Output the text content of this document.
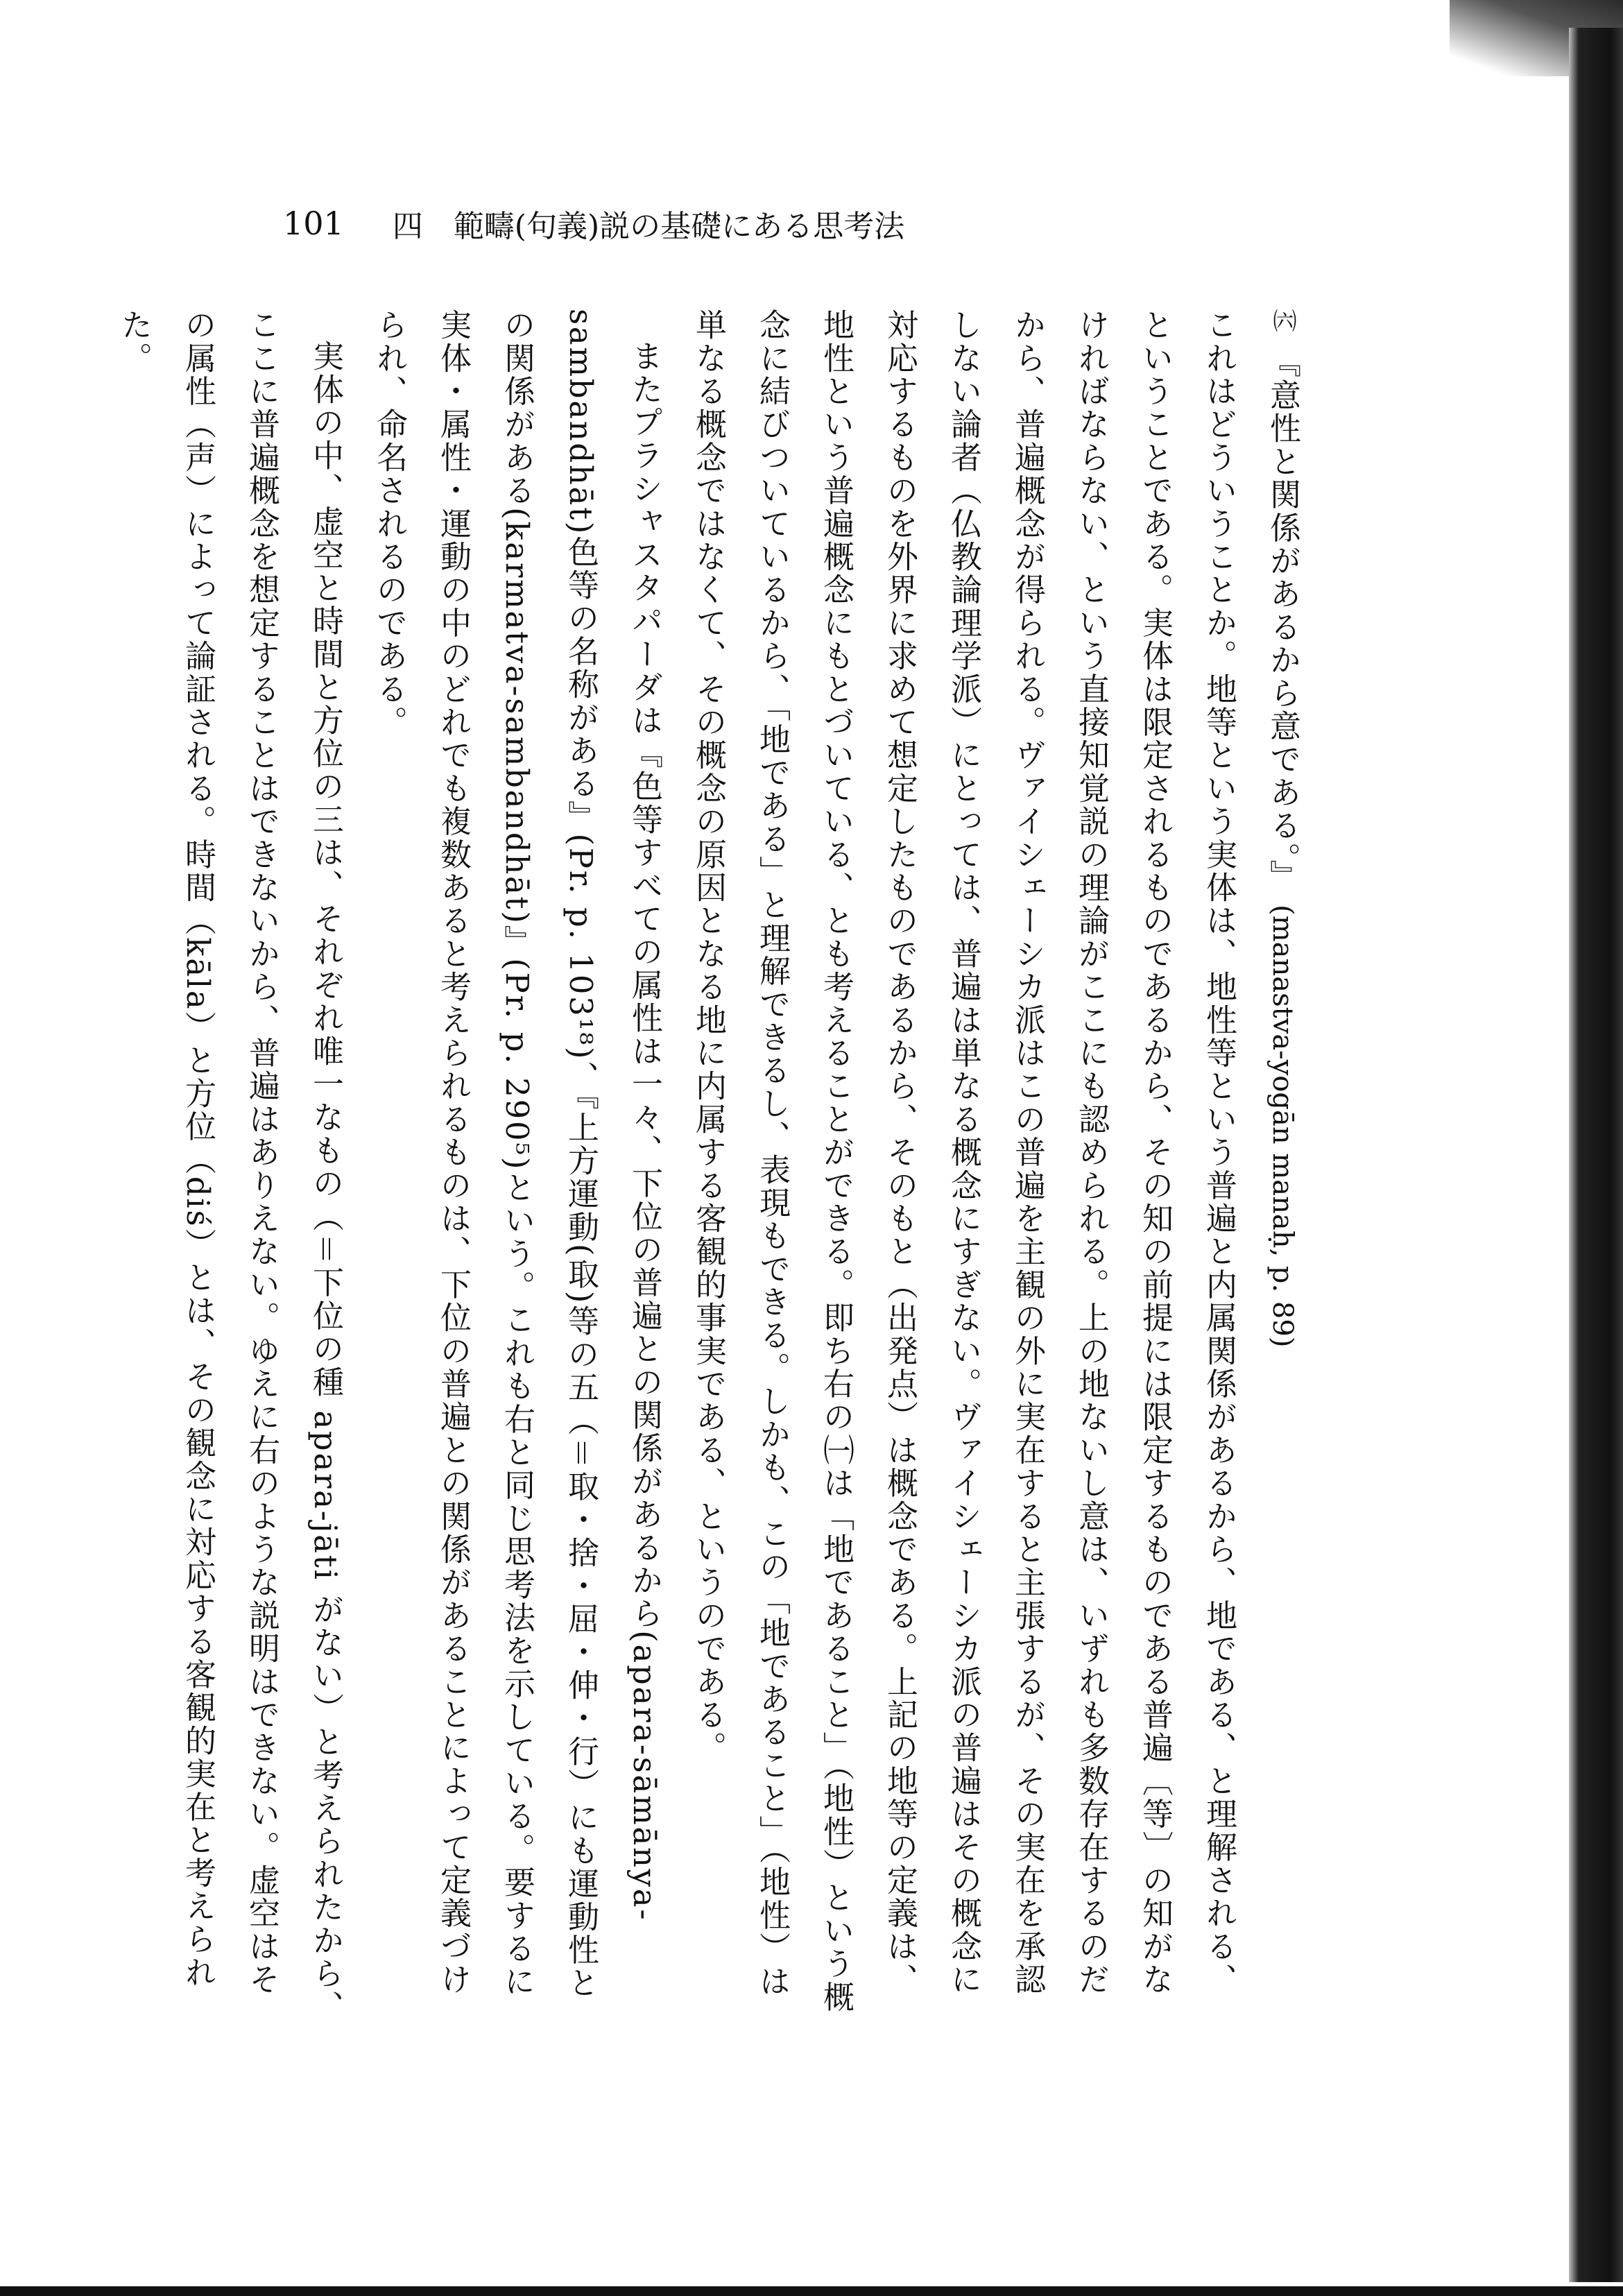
101 四 範疇(句義)説の基礎にある思考法

㈥ 『意性と関係があるから意である。』 (manastva-yogān manaḥ, p. 89)

これはどういうことか。地等という実体は、地性等という普遍と内属関係があるから、地である、と理解される、ということである。実体は限定されるものであるから、その知の前提には限定するものである普遍〔等〕の知がなければならない、という直接知覚説の理論がここにも認められる。上の地ないし意は、いずれも多数存在するのだから、普遍概念が得られる。ヴァイシェーシカ派はこの普遍を主観の外に実在すると主張するが、その実在を承認しない論者（仏教論理学派）にとっては、普遍は単なる概念にすぎない。ヴァイシェーシカ派の普遍はその概念に対応するものを外界に求めて想定したものであるから、そのもと（出発点）は概念である。上記の地等の定義は、地性という普遍概念にもとづいている、とも考えることができる。即ち右の㈠は「地であること」（地性）という概念に結びついているから、「地である」と理解できるし、表現もできる。しかも、この「地であること」（地性）は単なる概念ではなくて、その概念の原因となる地に内属する客観的事実である、というのである。

またプラシャスタパーダは『色等すべての属性は一々、下位の普遍との関係があるから(apara-sāmānya-sambandhāt)色等の名称がある』(Pr. p. 103¹⁸)、『上方運動(取)等の五（＝取・捨・屈・伸・行）にも運動性との関係がある(karmatva-sambandhāt)』(Pr. p. 290⁵)という。これも右と同じ思考法を示している。要するに実体・属性・運動の中のどれでも複数あると考えられるものは、下位の普遍との関係があることによって定義づけられ、命名されるのである。

実体の中、虚空と時間と方位の三は、それぞれ唯一なもの（＝下位の種 apara-jāti がない）と考えられたから、ここに普遍概念を想定することはできないから、普遍はありえない。ゆえに右のような説明はできない。虚空はその属性（声）によって論証される。時間（kāla）と方位（diś）とは、その観念に対応する客観的実在と考えられた。
